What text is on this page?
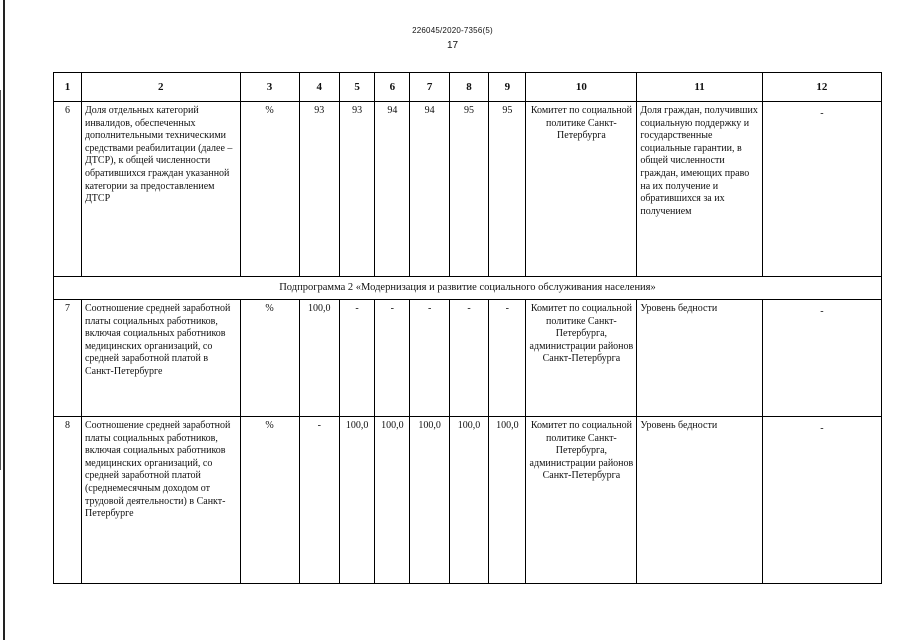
226045/2020-7356(5)
17
1	2	3	4	5	6	7	8	9	10	11	12
6	Доля отдельных категорий инвалидов, обеспеченных дополнительными техническими средствами реабилитации (далее – ДТСР), к общей численности обратившихся граждан указанной категории за предоставлением ДТСР	%	93	93	94	94	95	95	Комитет по социальной политике Санкт-Петербурга	Доля граждан, получивших социальную поддержку и государственные социальные гарантии, в общей численности граждан, имеющих право на их получение и обратившихся за их получением	-
Подпрограмма 2 «Модернизация и развитие социального обслуживания населения»											
7	Соотношение средней заработной платы социальных работников, включая социальных работников медицинских организаций, со средней заработной платой в Санкт-Петербурге	%	100,0	-	-	-	-	-	Комитет по социальной политике Санкт-Петербурга, администрации районов Санкт-Петербурга	Уровень бедности	-
8	Соотношение средней заработной платы социальных работников, включая социальных работников медицинских организаций, со средней заработной платой (среднемесячным доходом от трудовой деятельности) в Санкт-Петербурге	%	-	100,0	100,0	100,0	100,0	100,0	Комитет по социальной политике Санкт-Петербурга, администрации районов Санкт-Петербурга	Уровень бедности	-
